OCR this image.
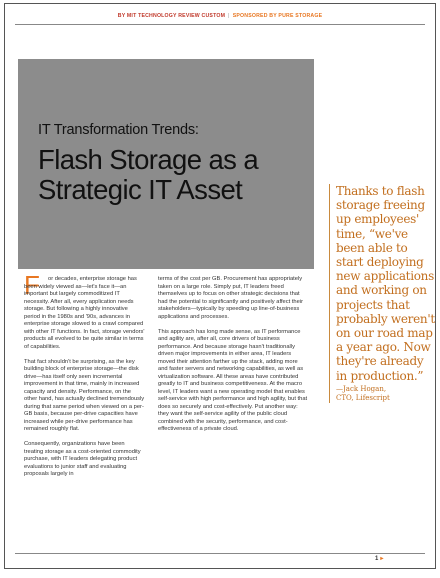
BY MIT TECHNOLOGY REVIEW CUSTOM | SPONSORED BY PURE STORAGE
IT Transformation Trends:
Flash Storage as a Strategic IT Asset
F	or decades, enterprise storage has been widely viewed as—let's face it—an important but largely commoditized IT necessity. After all, every application needs storage. But following a highly innovative period in the 1980s and '90s, advances in enterprise storage slowed to a crawl compared with other IT functions. In fact, storage vendors' products all evolved to be quite similar in terms of capabilities.

That fact shouldn't be surprising, as the key building block of enterprise storage—the disk drive—has itself only seen incremental improvement in that time, mainly in increased capacity and density. Performance, on the other hand, has actually declined tremendously during that same period when viewed on a per-GB basis, because per-drive capacities have increased while per-drive performance has remained roughly flat.

Consequently, organizations have been treating storage as a cost-oriented commodity purchase, with IT leaders delegating product evaluations to junior staff and evaluating proposals largely in

terms of the cost per GB. Procurement has appropriately taken on a large role. Simply put, IT leaders freed themselves up to focus on other strategic decisions that had the potential to significantly and positively affect their stakeholders—typically by speeding up line-of-business applications and processes.

This approach has long made sense, as IT performance and agility are, after all, core drivers of business performance. And because storage hasn't traditionally driven major improvements in either area, IT leaders moved their attention farther up the stack, adding more and faster servers and networking capabilities, as well as virtualization software. All these areas have contributed greatly to IT and business competitiveness. At the macro level, IT leaders want a new operating model that enables self-service with high performance and high agility, but that does so securely and cost-effectively. Put another way: they want the self-service agility of the public cloud combined with the security, performance, and cost-effectiveness of a private cloud.

Thanks to flash storage freeing up employees' time, “we've been able to start deploying new applications and working on projects that probably weren't on our road map a year ago. Now they're already in production.”
—Jack Hogan,
CTO, Lifescript
1 ▸
